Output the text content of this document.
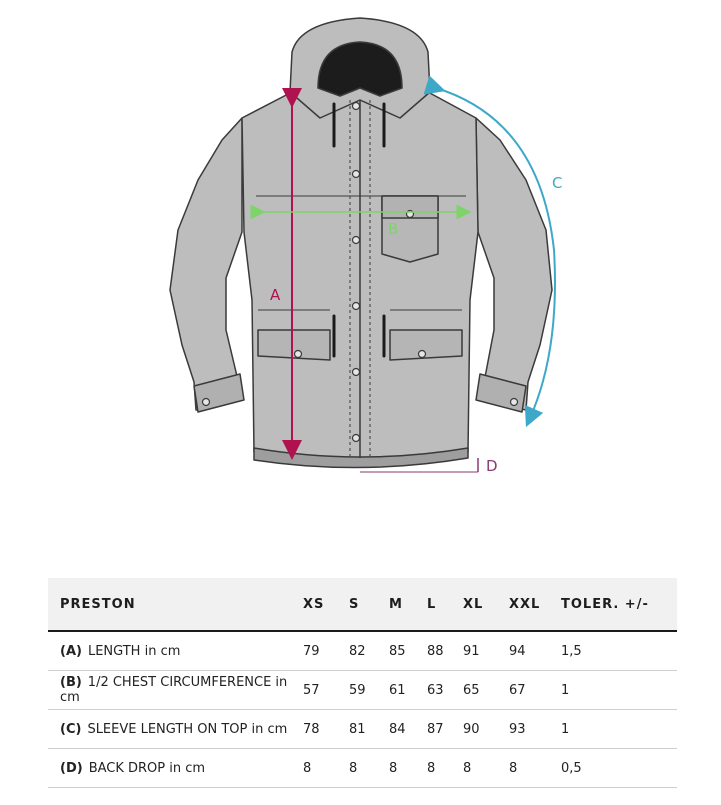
A
B
C
D
PRESTON	XS	S	M	L	XL	XXL	TOLER. +/-
(A) LENGTH in cm	79	82	85	88	91	94	1,5
(B) 1/2 CHEST CIRCUMFERENCE in cm	57	59	61	63	65	67	1
(C) SLEEVE LENGTH ON TOP in cm	78	81	84	87	90	93	1
(D) BACK DROP in cm	8	8	8	8	8	8	0,5
